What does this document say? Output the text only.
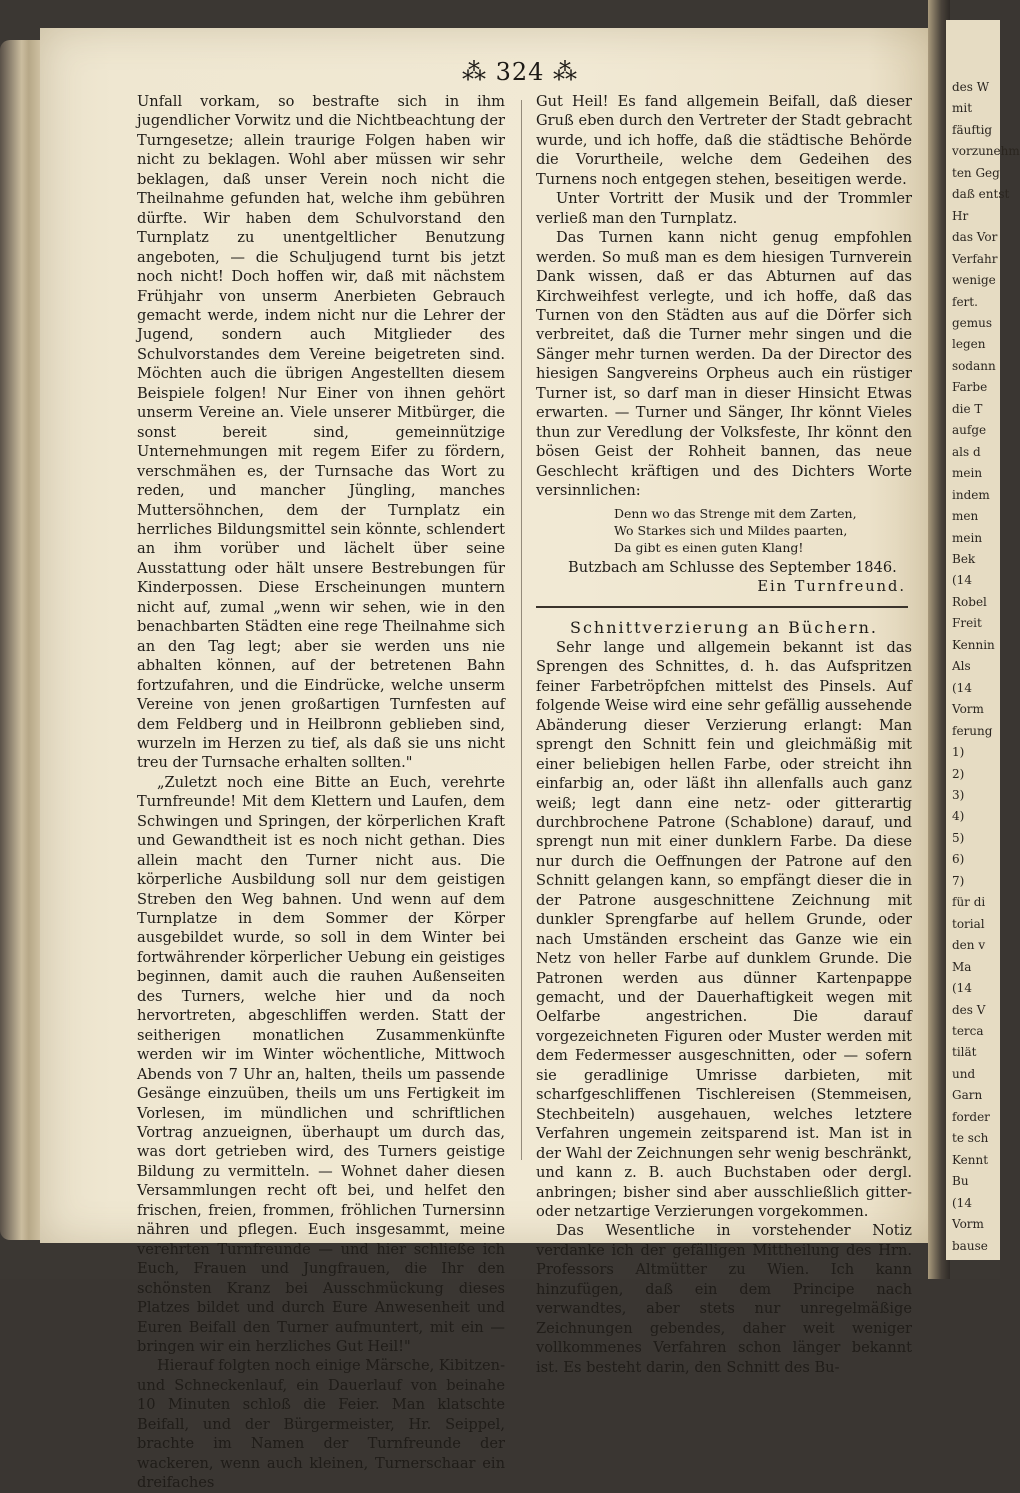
des W
mit
fäuftig
vorzunehm
ten Geg
daß entst
Hr
das Vor
Verfahr
wenige
fert.
gemus
legen
sodann
Farbe
die T
aufge
als d
mein
indem
men
mein
Bek
(14
Robel
Freit
Kennin
Als
(14
Vorm
ferung
1)
2)
3)
4)
5)
6)
7)
für di
torial
den v
Ma
(14
des V
terca
tilät
und
Garn
forder
te sch
Kennt
Bu
(14
Vorm
bause
⁂ 324 ⁂

Unfall vorkam, so bestrafte sich in ihm jugendlicher Vorwitz und die Nichtbeachtung der Turngesetze; allein traurige Folgen haben wir nicht zu beklagen. Wohl aber müssen wir sehr beklagen, daß unser Verein noch nicht die Theilnahme gefunden hat, welche ihm gebühren dürfte. Wir haben dem Schulvorstand den Turnplatz zu unentgeltlicher Benutzung angeboten, — die Schuljugend turnt bis jetzt noch nicht! Doch hoffen wir, daß mit nächstem Frühjahr von unserm Anerbieten Gebrauch gemacht werde, indem nicht nur die Lehrer der Jugend, sondern auch Mitglieder des Schulvorstandes dem Vereine beigetreten sind. Möchten auch die übrigen Angestellten diesem Beispiele folgen! Nur Einer von ihnen gehört unserm Vereine an. Viele unserer Mitbürger, die sonst bereit sind, gemeinnützige Unternehmungen mit regem Eifer zu fördern, verschmähen es, der Turnsache das Wort zu reden, und mancher Jüngling, manches Muttersöhnchen, dem der Turnplatz ein herrliches Bildungsmittel sein könnte, schlendert an ihm vorüber und lächelt über seine Ausstattung oder hält unsere Bestrebungen für Kinderpossen. Diese Erscheinungen muntern nicht auf, zumal „wenn wir sehen, wie in den benachbarten Städten eine rege Theilnahme sich an den Tag legt; aber sie werden uns nie abhalten können, auf der betretenen Bahn fortzufahren, und die Eindrücke, welche unserm Vereine von jenen großartigen Turnfesten auf dem Feldberg und in Heilbronn geblieben sind, wurzeln im Herzen zu tief, als daß sie uns nicht treu der Turnsache erhalten sollten."

„Zuletzt noch eine Bitte an Euch, verehrte Turnfreunde! Mit dem Klettern und Laufen, dem Schwingen und Springen, der körperlichen Kraft und Gewandtheit ist es noch nicht gethan. Dies allein macht den Turner nicht aus. Die körperliche Ausbildung soll nur dem geistigen Streben den Weg bahnen. Und wenn auf dem Turnplatze in dem Sommer der Körper ausgebildet wurde, so soll in dem Winter bei fortwährender körperlicher Uebung ein geistiges beginnen, damit auch die rauhen Außenseiten des Turners, welche hier und da noch hervortreten, abgeschliffen werden. Statt der seitherigen monatlichen Zusammenkünfte werden wir im Winter wöchentliche, Mittwoch Abends von 7 Uhr an, halten, theils um passende Gesänge einzuüben, theils um uns Fertigkeit im Vorlesen, im mündlichen und schriftlichen Vortrag anzueignen, überhaupt um durch das, was dort getrieben wird, des Turners geistige Bildung zu vermitteln. — Wohnet daher diesen Versammlungen recht oft bei, und helfet den frischen, freien, frommen, fröhlichen Turnersinn nähren und pflegen. Euch insgesammt, meine verehrten Turnfreunde — und hier schließe ich Euch, Frauen und Jungfrauen, die Ihr den schönsten Kranz bei Ausschmückung dieses Platzes bildet und durch Eure Anwesenheit und Euren Beifall den Turner aufmuntert, mit ein — bringen wir ein herzliches Gut Heil!"

Hierauf folgten noch einige Märsche, Kibitzen- und Schneckenlauf, ein Dauerlauf von beinahe 10 Minuten schloß die Feier. Man klatschte Beifall, und der Bürgermeister, Hr. Seippel, brachte im Namen der Turnfreunde der wackeren, wenn auch kleinen, Turnerschaar ein dreifaches

Gut Heil! Es fand allgemein Beifall, daß dieser Gruß eben durch den Vertreter der Stadt gebracht wurde, und ich hoffe, daß die städtische Behörde die Vorurtheile, welche dem Gedeihen des Turnens noch entgegen stehen, beseitigen werde.

Unter Vortritt der Musik und der Trommler verließ man den Turnplatz.

Das Turnen kann nicht genug empfohlen werden. So muß man es dem hiesigen Turnverein Dank wissen, daß er das Abturnen auf das Kirchweihfest verlegte, und ich hoffe, daß das Turnen von den Städten aus auf die Dörfer sich verbreitet, daß die Turner mehr singen und die Sänger mehr turnen werden. Da der Director des hiesigen Sangvereins Orpheus auch ein rüstiger Turner ist, so darf man in dieser Hinsicht Etwas erwarten. — Turner und Sänger, Ihr könnt Vieles thun zur Veredlung der Volksfeste, Ihr könnt den bösen Geist der Rohheit bannen, das neue Geschlecht kräftigen und des Dichters Worte versinnlichen:

Denn wo das Strenge mit dem Zarten,
Wo Starkes sich und Mildes paarten,
Da gibt es einen guten Klang!

Butzbach am Schlusse des September 1846.

Ein Turnfreund.

Schnittverzierung an Büchern.

Sehr lange und allgemein bekannt ist das Sprengen des Schnittes, d. h. das Aufspritzen feiner Farbetröpfchen mittelst des Pinsels. Auf folgende Weise wird eine sehr gefällig aussehende Abänderung dieser Verzierung erlangt: Man sprengt den Schnitt fein und gleichmäßig mit einer beliebigen hellen Farbe, oder streicht ihn einfarbig an, oder läßt ihn allenfalls auch ganz weiß; legt dann eine netz- oder gitterartig durchbrochene Patrone (Schablone) darauf, und sprengt nun mit einer dunklern Farbe. Da diese nur durch die Oeffnungen der Patrone auf den Schnitt gelangen kann, so empfängt dieser die in der Patrone ausgeschnittene Zeichnung mit dunkler Sprengfarbe auf hellem Grunde, oder nach Umständen erscheint das Ganze wie ein Netz von heller Farbe auf dunklem Grunde. Die Patronen werden aus dünner Kartenpappe gemacht, und der Dauerhaftigkeit wegen mit Oelfarbe angestrichen. Die darauf vorgezeichneten Figuren oder Muster werden mit dem Federmesser ausgeschnitten, oder — sofern sie geradlinige Umrisse darbieten, mit scharfgeschliffenen Tischlereisen (Stemmeisen, Stechbeiteln) ausgehauen, welches letztere Verfahren ungemein zeitsparend ist. Man ist in der Wahl der Zeichnungen sehr wenig beschränkt, und kann z. B. auch Buchstaben oder dergl. anbringen; bisher sind aber ausschließlich gitter- oder netzartige Verzierungen vorgekommen.

Das Wesentliche in vorstehender Notiz verdanke ich der gefälligen Mittheilung des Hrn. Professors Altmütter zu Wien. Ich kann hinzufügen, daß ein dem Principe nach verwandtes, aber stets nur unregelmäßige Zeichnungen gebendes, daher weit weniger vollkommenes Verfahren schon länger bekannt ist. Es besteht darin, den Schnitt des Bu-
